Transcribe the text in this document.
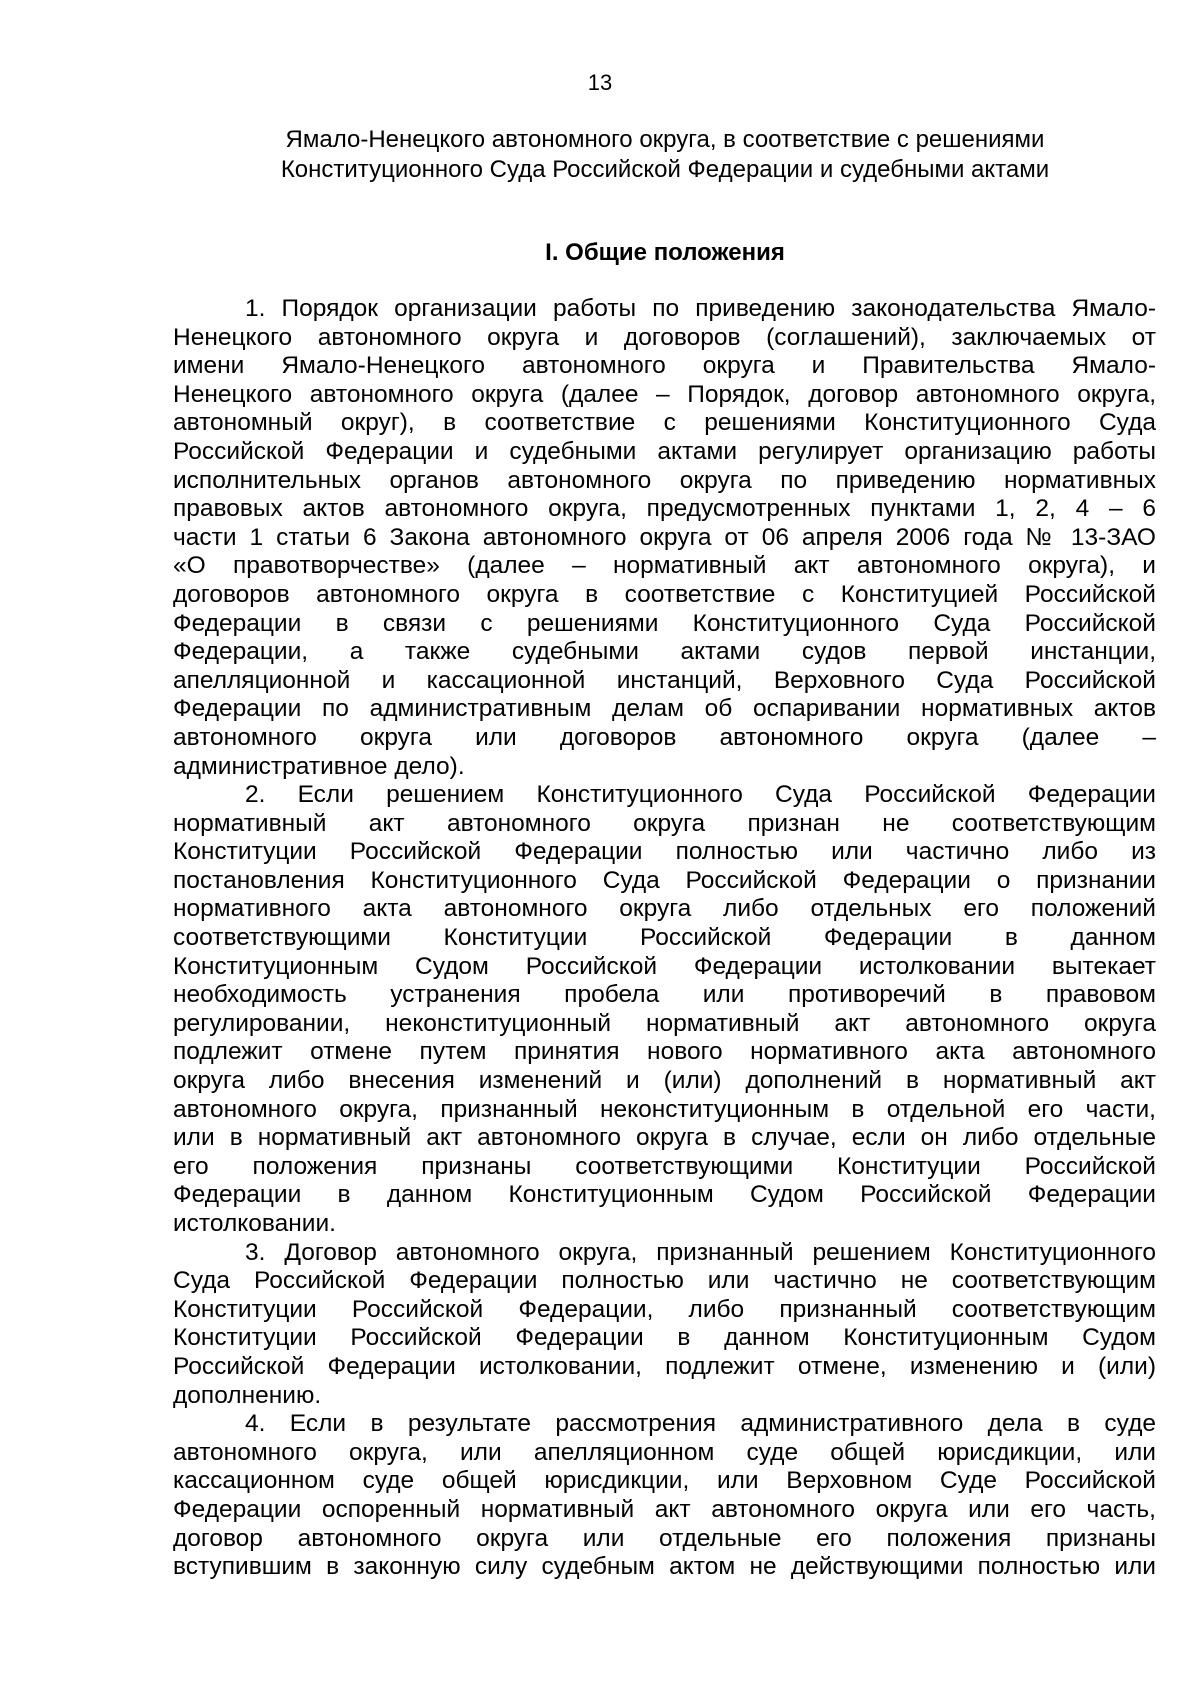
13
Ямало-Ненецкого автономного округа, в соответствие с решениями
Конституционного Суда Российской Федерации и судебными актами
I. Общие положения
1. Порядок организации работы по приведению законодательства Ямало-
Ненецкого автономного округа и договоров (соглашений), заключаемых от
имени Ямало-Ненецкого автономного округа и Правительства Ямало-
Ненецкого автономного округа (далее – Порядок, договор автономного округа,
автономный округ), в соответствие с решениями Конституционного Суда
Российской Федерации и судебными актами регулирует организацию работы
исполнительных органов автономного округа по приведению нормативных
правовых актов автономного округа, предусмотренных пунктами 1, 2, 4 – 6
части 1 статьи 6 Закона автономного округа от 06 апреля 2006 года № 13-ЗАО
«О правотворчестве» (далее – нормативный акт автономного округа), и
договоров автономного округа в соответствие с Конституцией Российской
Федерации в связи с решениями Конституционного Суда Российской
Федерации, а также судебными актами судов первой инстанции,
апелляционной и кассационной инстанций, Верховного Суда Российской
Федерации по административным делам об оспаривании нормативных актов
автономного округа или договоров автономного округа (далее –
административное дело).
2. Если решением Конституционного Суда Российской Федерации
нормативный акт автономного округа признан не соответствующим
Конституции Российской Федерации полностью или частично либо из
постановления Конституционного Суда Российской Федерации о признании
нормативного акта автономного округа либо отдельных его положений
соответствующими Конституции Российской Федерации в данном
Конституционным Судом Российской Федерации истолковании вытекает
необходимость устранения пробела или противоречий в правовом
регулировании, неконституционный нормативный акт автономного округа
подлежит отмене путем принятия нового нормативного акта автономного
округа либо внесения изменений и (или) дополнений в нормативный акт
автономного округа, признанный неконституционным в отдельной его части,
или в нормативный акт автономного округа в случае, если он либо отдельные
его положения признаны соответствующими Конституции Российской
Федерации в данном Конституционным Судом Российской Федерации
истолковании.
3. Договор автономного округа, признанный решением Конституционного
Суда Российской Федерации полностью или частично не соответствующим
Конституции Российской Федерации, либо признанный соответствующим
Конституции Российской Федерации в данном Конституционным Судом
Российской Федерации истолковании, подлежит отмене, изменению и (или)
дополнению.
4. Если в результате рассмотрения административного дела в суде
автономного округа, или апелляционном суде общей юрисдикции, или
кассационном суде общей юрисдикции, или Верховном Суде Российской
Федерации оспоренный нормативный акт автономного округа или его часть,
договор автономного округа или отдельные его положения признаны
вступившим в законную силу судебным актом не действующими полностью или
